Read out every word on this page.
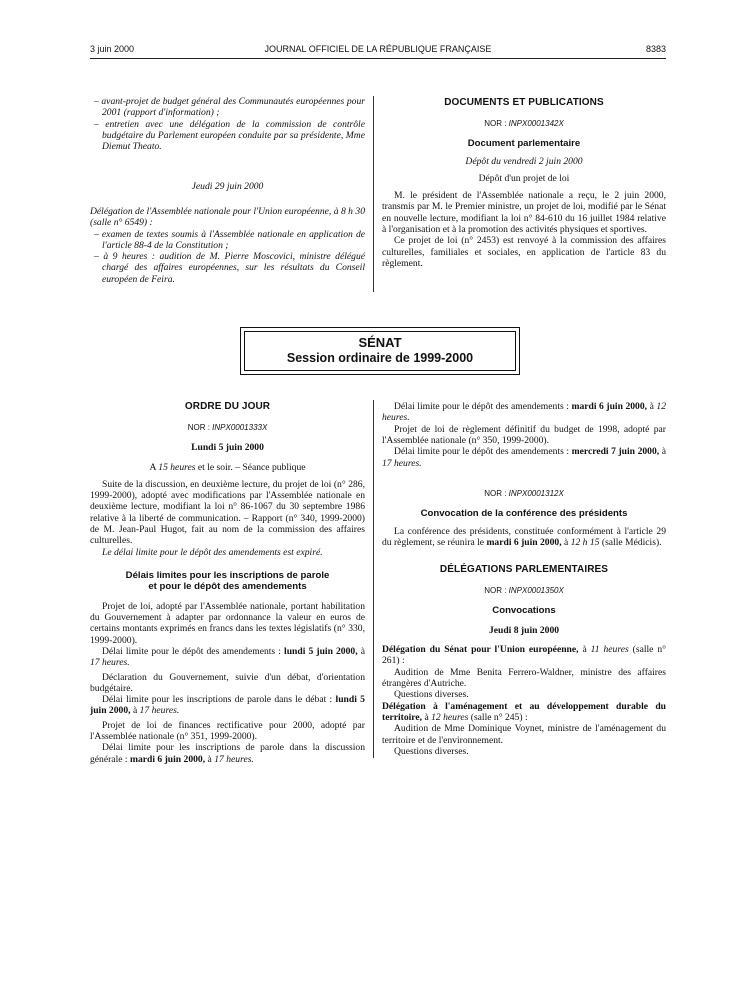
3 juin 2000	JOURNAL OFFICIEL DE LA RÉPUBLIQUE FRANÇAISE	8383

– avant-projet de budget général des Communautés européennes pour 2001 (rapport d'information) ;

– entretien avec une délégation de la commission de contrôle budgétaire du Parlement européen conduite par sa présidente, Mme Diemut Theato.

Jeudi 29 juin 2000

Délégation de l'Assemblée nationale pour l'Union européenne, à 8 h 30 (salle n° 6549) :

– examen de textes soumis à l'Assemblée nationale en application de l'article 88-4 de la Constitution ;

– à 9 heures : audition de M. Pierre Moscovici, ministre délégué chargé des affaires européennes, sur les résultats du Conseil européen de Feira.

DOCUMENTS ET PUBLICATIONS

NOR : INPX0001342X

Document parlementaire

Dépôt du vendredi 2 juin 2000

Dépôt d'un projet de loi

M. le président de l'Assemblée nationale a reçu, le 2 juin 2000, transmis par M. le Premier ministre, un projet de loi, modifié par le Sénat en nouvelle lecture, modifiant la loi n° 84-610 du 16 juillet 1984 relative à l'organisation et à la promotion des activités physiques et sportives.

Ce projet de loi (n° 2453) est renvoyé à la commission des affaires culturelles, familiales et sociales, en application de l'article 83 du règlement.

SÉNAT
Session ordinaire de 1999-2000

ORDRE DU JOUR

NOR : INPX0001333X

Lundi 5 juin 2000

A 15 heures et le soir. – Séance publique

Suite de la discussion, en deuxième lecture, du projet de loi (n° 286, 1999-2000), adopté avec modifications par l'Assemblée nationale en deuxième lecture, modifiant la loi n° 86-1067 du 30 septembre 1986 relative à la liberté de communication. – Rapport (n° 340, 1999-2000) de M. Jean-Paul Hugot, fait au nom de la commission des affaires culturelles.

Le délai limite pour le dépôt des amendements est expiré.

Délais limites pour les inscriptions de parole

et pour le dépôt des amendements

Projet de loi, adopté par l'Assemblée nationale, portant habilitation du Gouvernement à adapter par ordonnance la valeur en euros de certains montants exprimés en francs dans les textes législatifs (n° 330, 1999-2000).

Délai limite pour le dépôt des amendements : lundi 5 juin 2000, à 17 heures.

Déclaration du Gouvernement, suivie d'un débat, d'orientation budgétaire.

Délai limite pour les inscriptions de parole dans le débat : lundi 5 juin 2000, à 17 heures.

Projet de loi de finances rectificative pour 2000, adopté par l'Assemblée nationale (n° 351, 1999-2000).

Délai limite pour les inscriptions de parole dans la discussion générale : mardi 6 juin 2000, à 17 heures.

Délai limite pour le dépôt des amendements : mardi 6 juin 2000, à 12 heures.

Projet de loi de règlement définitif du budget de 1998, adopté par l'Assemblée nationale (n° 350, 1999-2000).

Délai limite pour le dépôt des amendements : mercredi 7 juin 2000, à 17 heures.

NOR : INPX0001312X

Convocation de la conférence des présidents

La conférence des présidents, constituée conformément à l'article 29 du règlement, se réunira le mardi 6 juin 2000, à 12 h 15 (salle Médicis).

DÉLÉGATIONS PARLEMENTAIRES

NOR : INPX0001350X

Convocations

Jeudi 8 juin 2000

Délégation du Sénat pour l'Union européenne, à 11 heures (salle n° 261) :

Audition de Mme Benita Ferrero-Waldner, ministre des affaires étrangères d'Autriche.

Questions diverses.

Délégation à l'aménagement et au développement durable du territoire, à 12 heures (salle n° 245) :

Audition de Mme Dominique Voynet, ministre de l'aménagement du territoire et de l'environnement.

Questions diverses.
